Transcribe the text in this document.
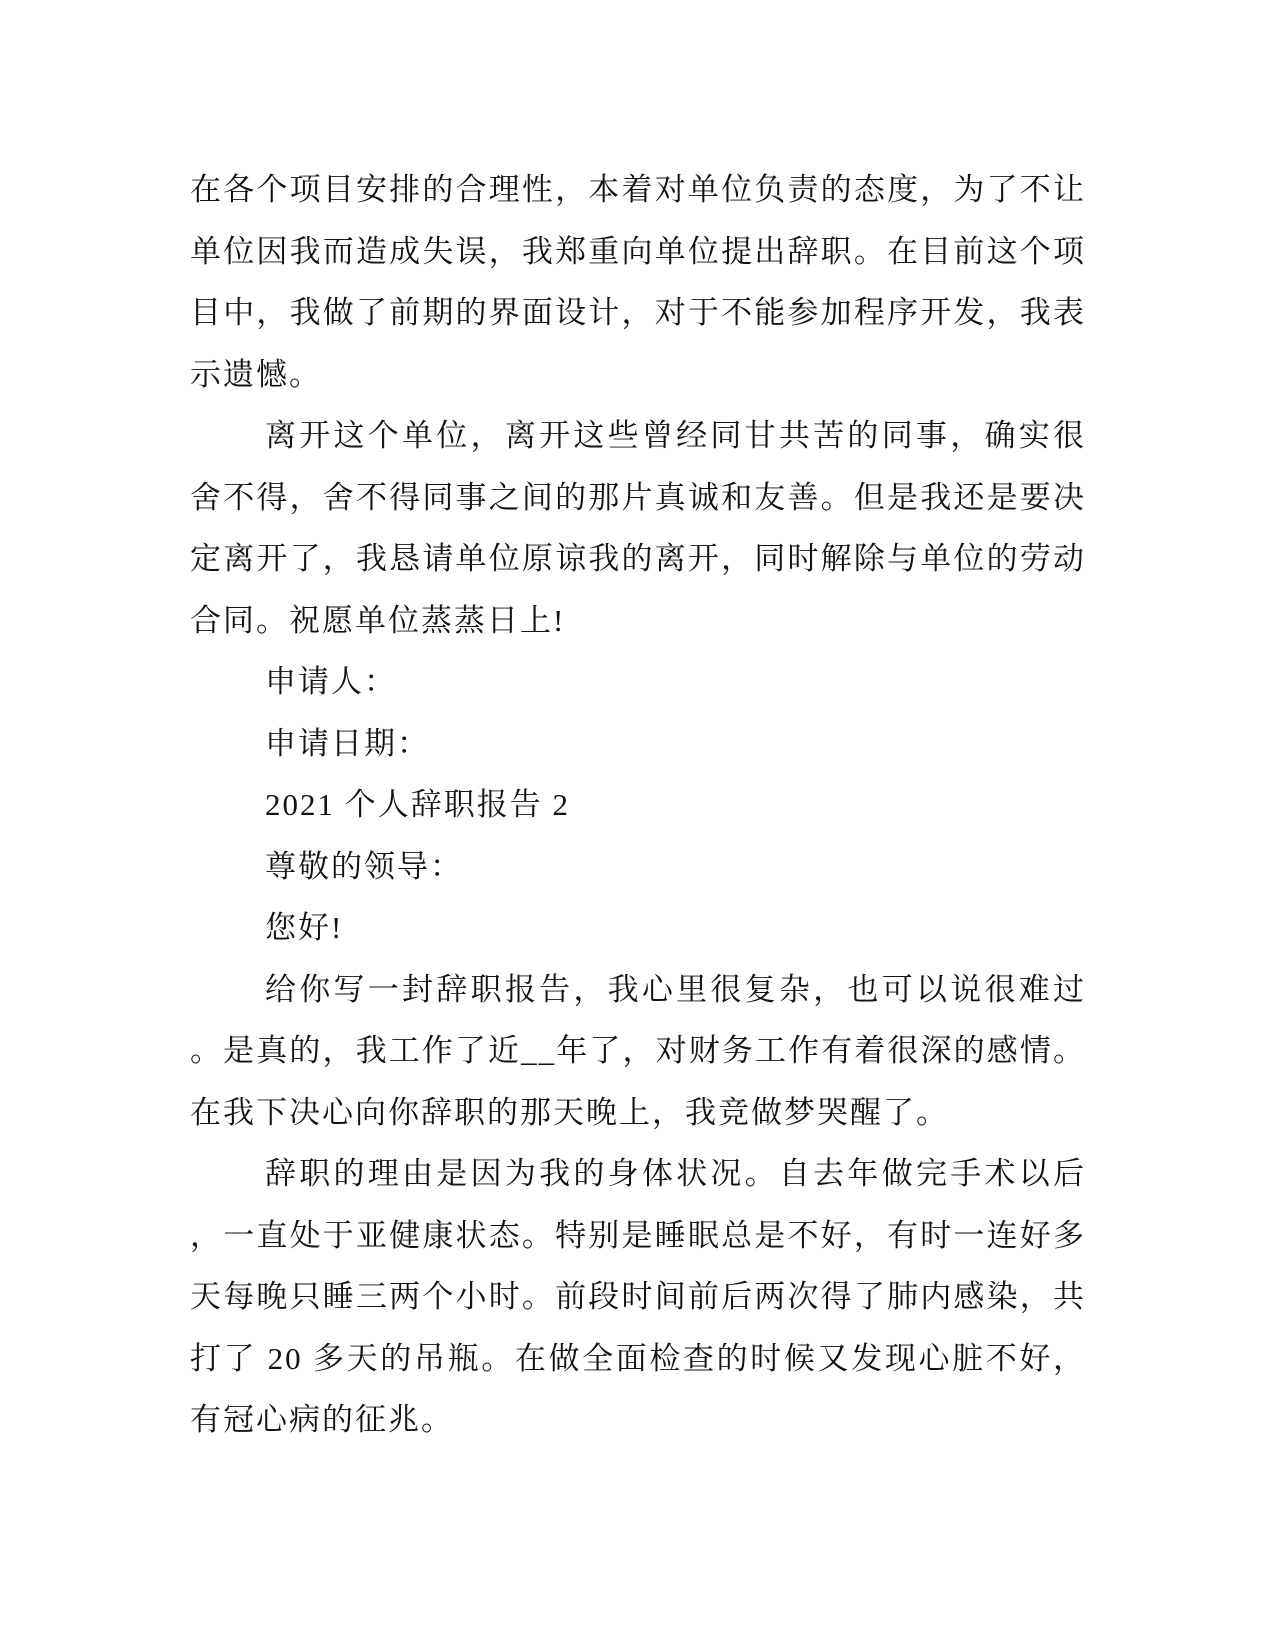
在各个项目安排的合理性，本着对单位负责的态度，为了不让
单位因我而造成失误，我郑重向单位提出辞职。在目前这个项
目中，我做了前期的界面设计，对于不能参加程序开发，我表
示遗憾。
离开这个单位，离开这些曾经同甘共苦的同事，确实很
舍不得，舍不得同事之间的那片真诚和友善。但是我还是要决
定离开了，我恳请单位原谅我的离开，同时解除与单位的劳动
合同。祝愿单位蒸蒸日上!
申请人：
申请日期：
2021 个人辞职报告 2
尊敬的领导：
您好!
给你写一封辞职报告，我心里很复杂，也可以说很难过
。是真的，我工作了近__年了，对财务工作有着很深的感情。
在我下决心向你辞职的那天晚上，我竞做梦哭醒了。
辞职的理由是因为我的身体状况。自去年做完手术以后
，一直处于亚健康状态。特别是睡眠总是不好，有时一连好多
天每晚只睡三两个小时。前段时间前后两次得了肺内感染，共
打了 20 多天的吊瓶。在做全面检查的时候又发现心脏不好，
有冠心病的征兆。
